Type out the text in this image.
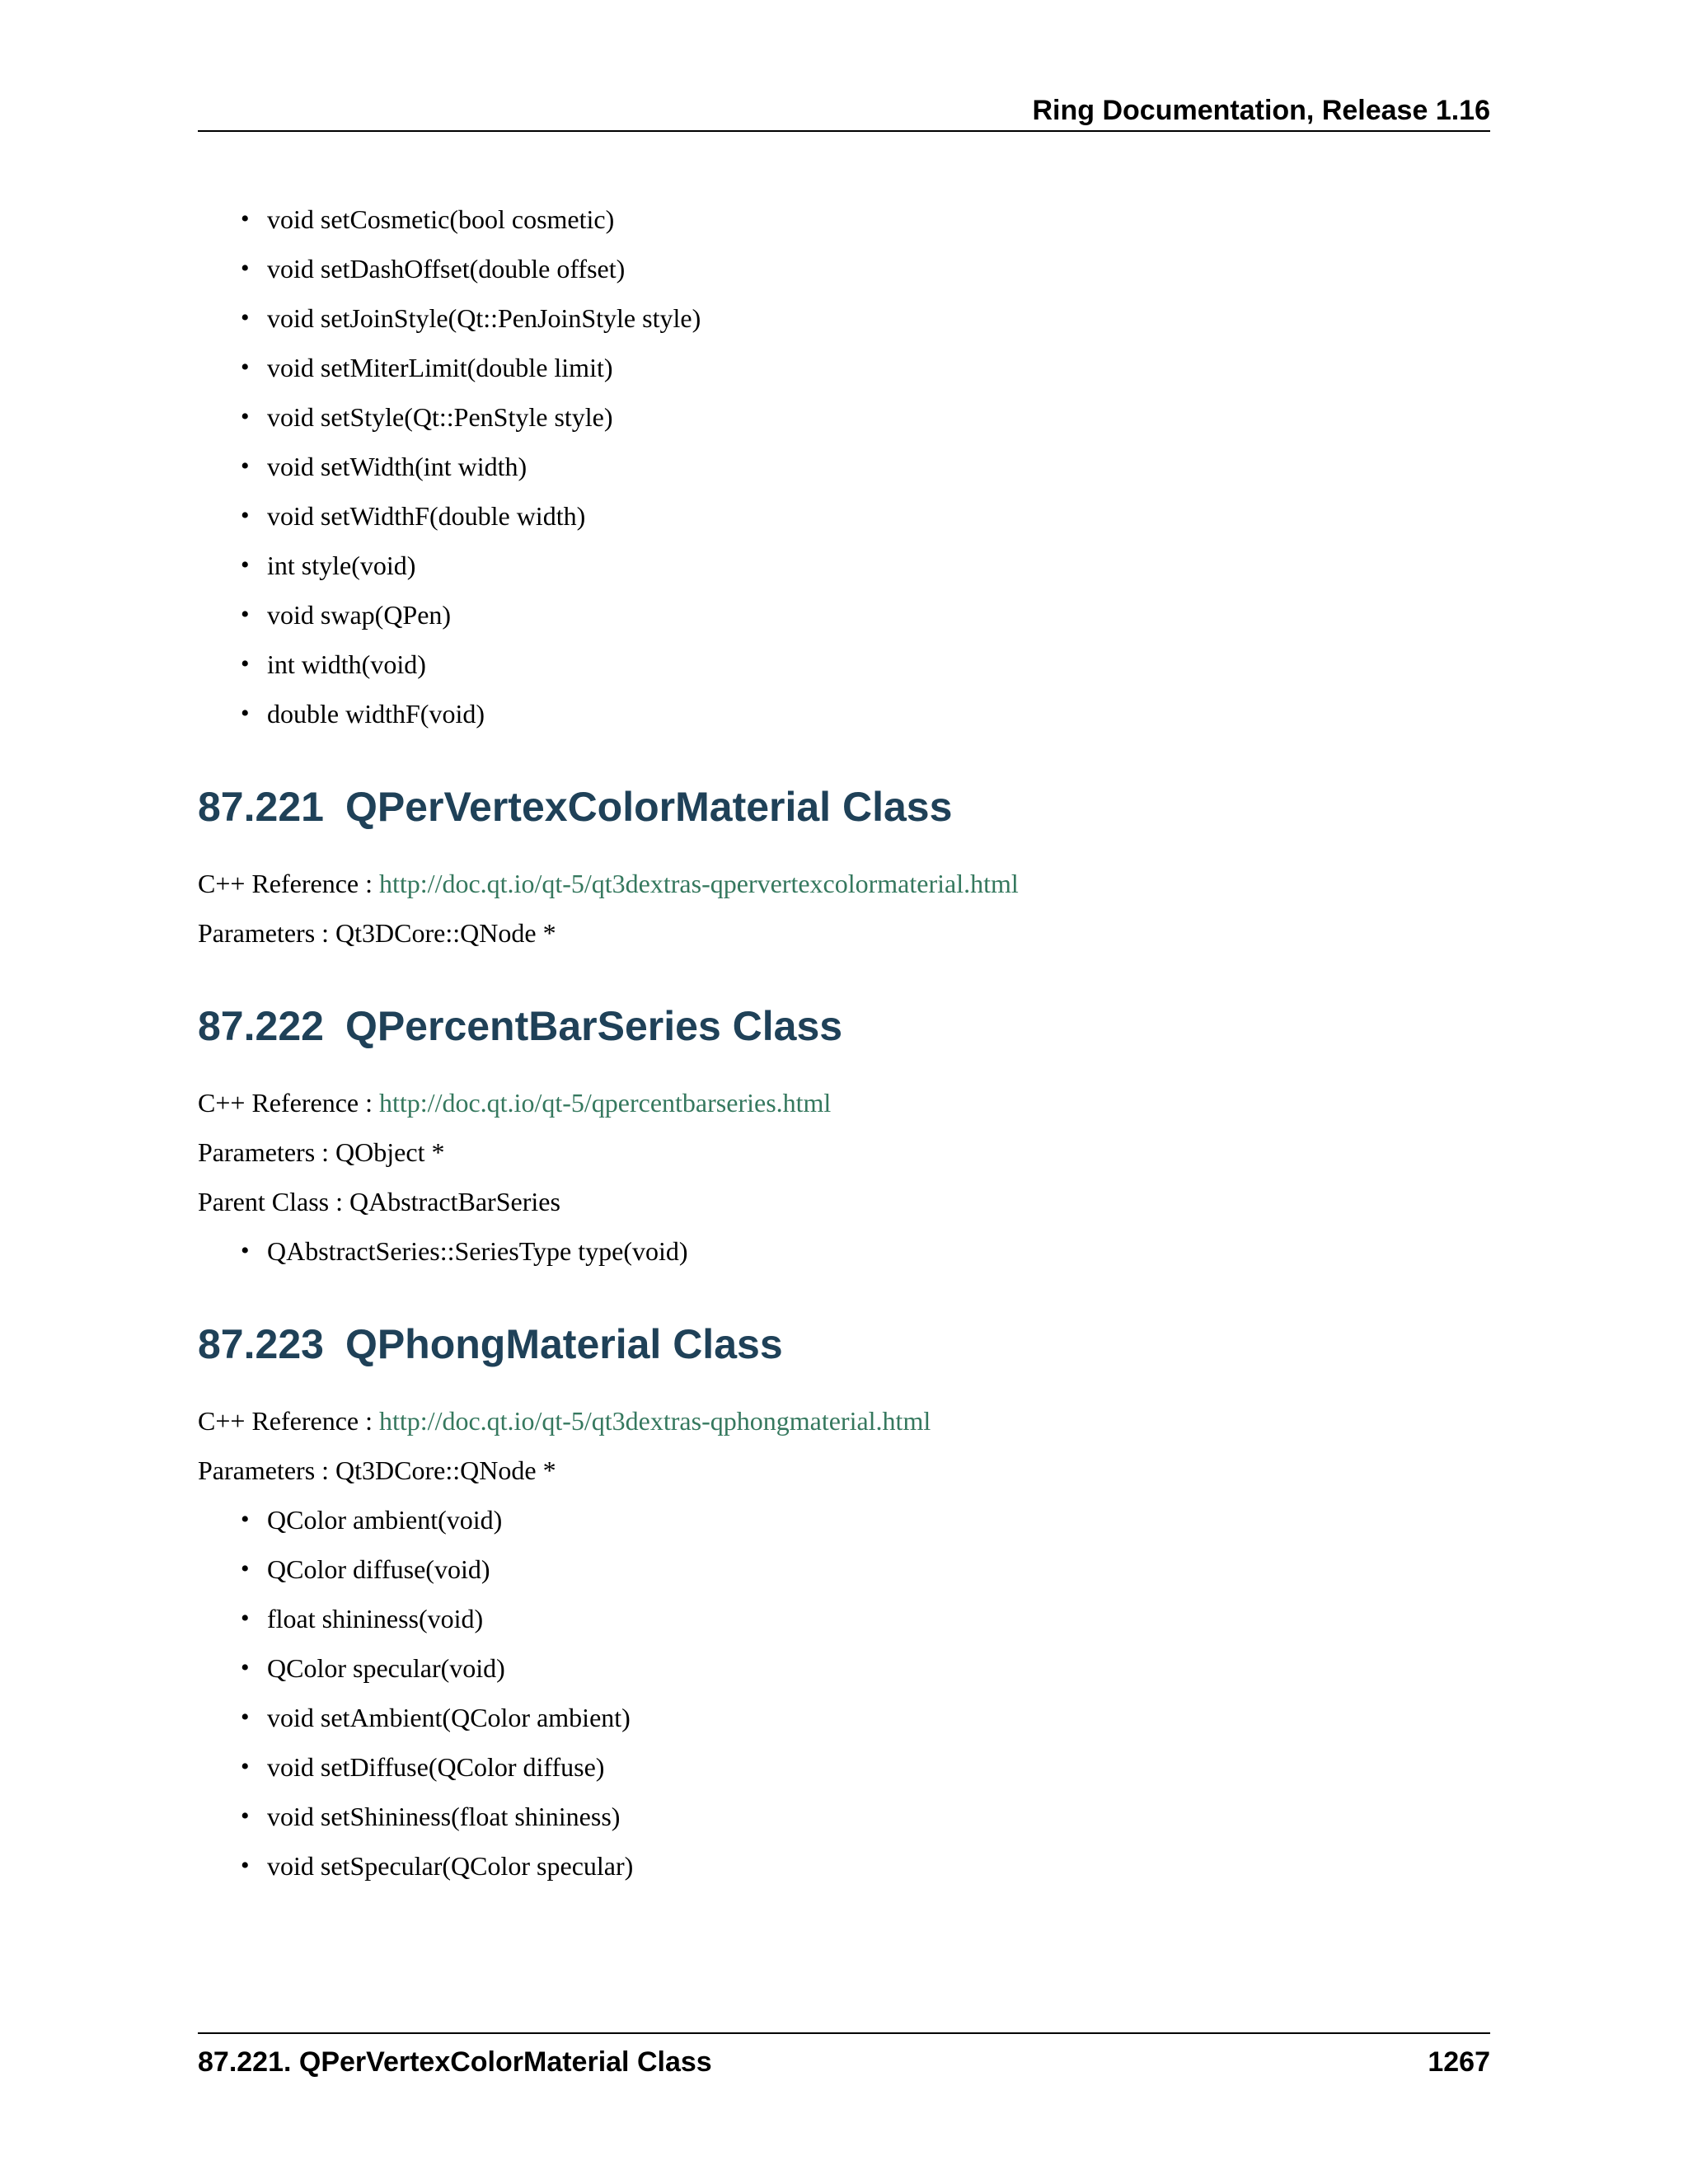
Ring Documentation, Release 1.16
• void setCosmetic(bool cosmetic)
• void setDashOffset(double offset)
• void setJoinStyle(Qt::PenJoinStyle style)
• void setMiterLimit(double limit)
• void setStyle(Qt::PenStyle style)
• void setWidth(int width)
• void setWidthF(double width)
• int style(void)
• void swap(QPen)
• int width(void)
• double widthF(void)
87.221 QPerVertexColorMaterial Class
C++ Reference : http://doc.qt.io/qt-5/qt3dextras-qpervertexcolormaterial.html
Parameters : Qt3DCore::QNode *
87.222 QPercentBarSeries Class
C++ Reference : http://doc.qt.io/qt-5/qpercentbarseries.html
Parameters : QObject *
Parent Class : QAbstractBarSeries
• QAbstractSeries::SeriesType type(void)
87.223 QPhongMaterial Class
C++ Reference : http://doc.qt.io/qt-5/qt3dextras-qphongmaterial.html
Parameters : Qt3DCore::QNode *
• QColor ambient(void)
• QColor diffuse(void)
• float shininess(void)
• QColor specular(void)
• void setAmbient(QColor ambient)
• void setDiffuse(QColor diffuse)
• void setShininess(float shininess)
• void setSpecular(QColor specular)
87.221. QPerVertexColorMaterial Class	1267
